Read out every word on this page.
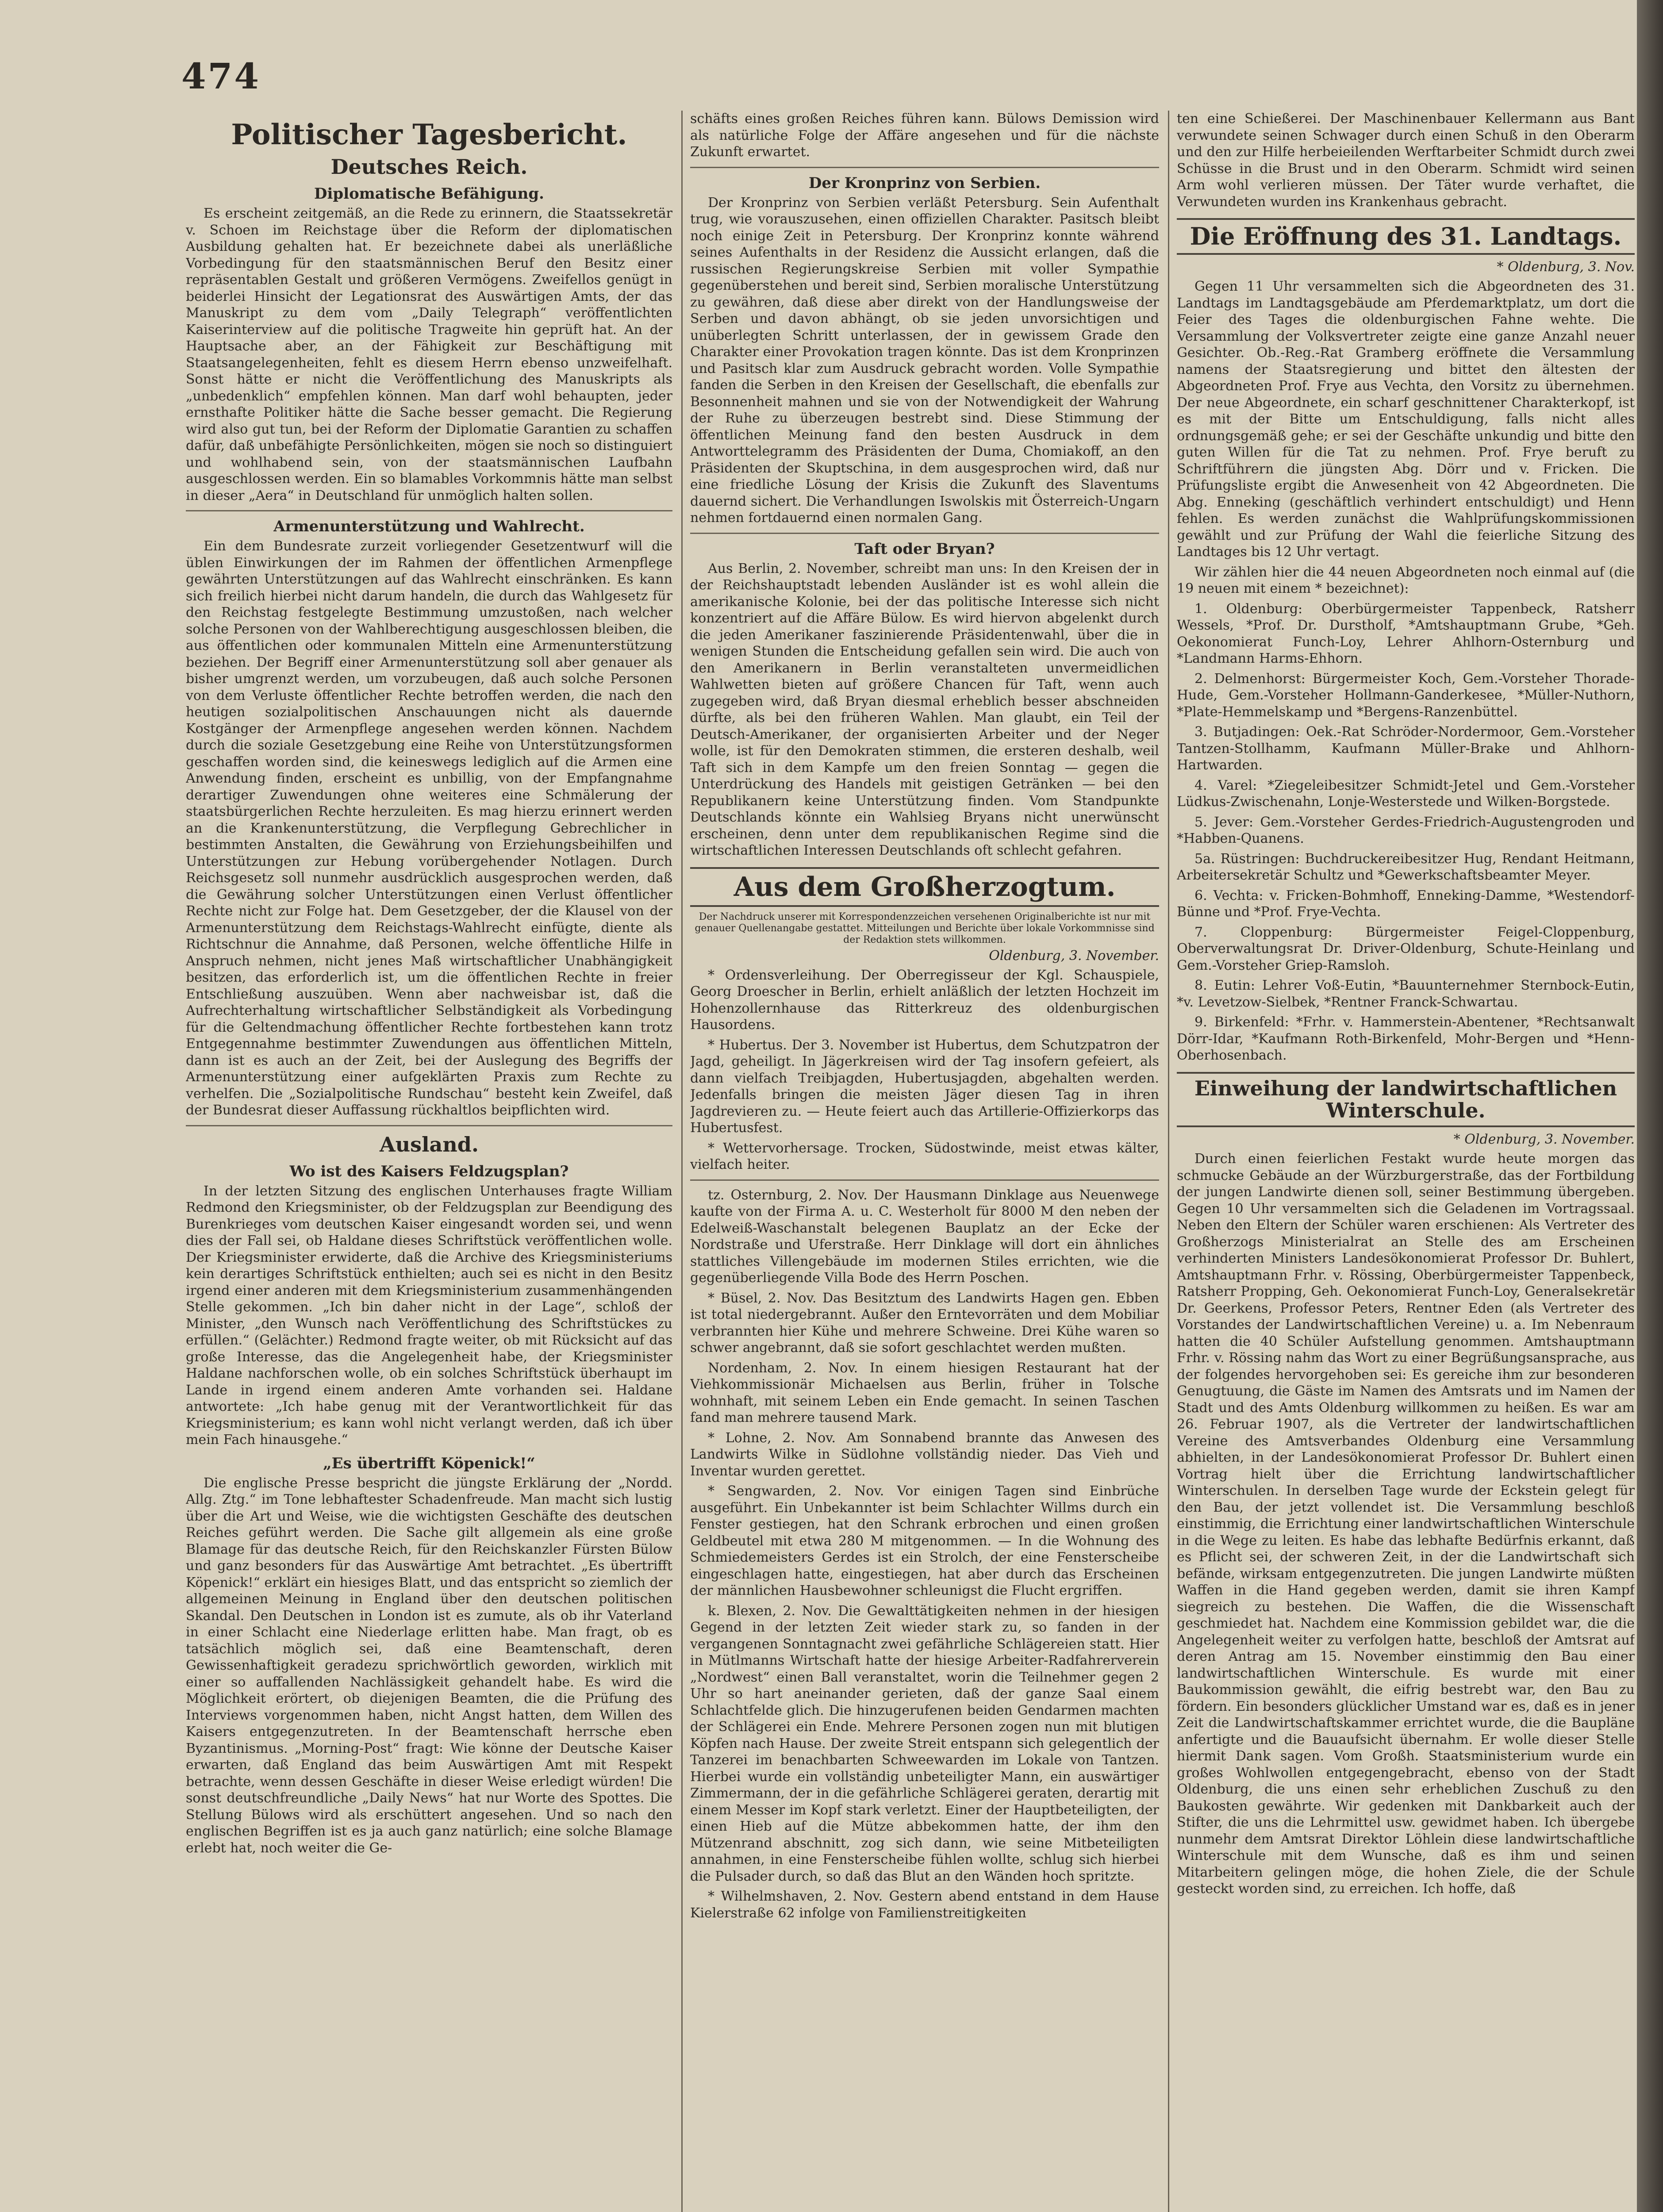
474
Politischer Tagesbericht.
Deutsches Reich.
Diplomatische Befähigung.

Es erscheint zeitgemäß, an die Rede zu erinnern, die Staatssekretär v. Schoen im Reichstage über die Reform der diplomatischen Ausbildung gehalten hat. Er bezeichnete dabei als unerläßliche Vorbedingung für den staatsmännischen Beruf den Besitz einer repräsentablen Gestalt und größeren Vermögens. Zweifellos genügt in beiderlei Hinsicht der Legationsrat des Auswärtigen Amts, der das Manuskript zu dem vom „Daily Telegraph“ veröffentlichten Kaiserinterview auf die politische Tragweite hin geprüft hat. An der Hauptsache aber, an der Fähigkeit zur Beschäftigung mit Staatsangelegenheiten, fehlt es diesem Herrn ebenso unzweifelhaft. Sonst hätte er nicht die Veröffentlichung des Manuskripts als „unbedenklich“ empfehlen können. Man darf wohl behaupten, jeder ernsthafte Politiker hätte die Sache besser gemacht. Die Regierung wird also gut tun, bei der Reform der Diplomatie Garantien zu schaffen dafür, daß unbefähigte Persönlichkeiten, mögen sie noch so distinguiert und wohlhabend sein, von der staatsmännischen Laufbahn ausgeschlossen werden. Ein so blamables Vorkommnis hätte man selbst in dieser „Aera“ in Deutschland für unmöglich halten sollen.

Armenunterstützung und Wahlrecht.

Ein dem Bundesrate zurzeit vorliegender Gesetzentwurf will die üblen Einwirkungen der im Rahmen der öffentlichen Armenpflege gewährten Unterstützungen auf das Wahlrecht einschränken. Es kann sich freilich hierbei nicht darum handeln, die durch das Wahlgesetz für den Reichstag festgelegte Bestimmung umzustoßen, nach welcher solche Personen von der Wahlberechtigung ausgeschlossen bleiben, die aus öffentlichen oder kommunalen Mitteln eine Armenunterstützung beziehen. Der Begriff einer Armenunterstützung soll aber genauer als bisher umgrenzt werden, um vorzubeugen, daß auch solche Personen von dem Verluste öffentlicher Rechte betroffen werden, die nach den heutigen sozialpolitischen Anschauungen nicht als dauernde Kostgänger der Armenpflege angesehen werden können. Nachdem durch die soziale Gesetzgebung eine Reihe von Unterstützungsformen geschaffen worden sind, die keineswegs lediglich auf die Armen eine Anwendung finden, erscheint es unbillig, von der Empfangnahme derartiger Zuwendungen ohne weiteres eine Schmälerung der staatsbürgerlichen Rechte herzuleiten. Es mag hierzu erinnert werden an die Krankenunterstützung, die Verpflegung Gebrechlicher in bestimmten Anstalten, die Gewährung von Erziehungsbeihilfen und Unterstützungen zur Hebung vorübergehender Notlagen. Durch Reichsgesetz soll nunmehr ausdrücklich ausgesprochen werden, daß die Gewährung solcher Unterstützungen einen Verlust öffentlicher Rechte nicht zur Folge hat. Dem Gesetzgeber, der die Klausel von der Armenunterstützung dem Reichstags-Wahlrecht einfügte, diente als Richtschnur die Annahme, daß Personen, welche öffentliche Hilfe in Anspruch nehmen, nicht jenes Maß wirtschaftlicher Unabhängigkeit besitzen, das erforderlich ist, um die öffentlichen Rechte in freier Entschließung auszuüben. Wenn aber nachweisbar ist, daß die Aufrechterhaltung wirtschaftlicher Selbständigkeit als Vorbedingung für die Geltendmachung öffentlicher Rechte fortbestehen kann trotz Entgegennahme bestimmter Zuwendungen aus öffentlichen Mitteln, dann ist es auch an der Zeit, bei der Auslegung des Begriffs der Armenunterstützung einer aufgeklärten Praxis zum Rechte zu verhelfen. Die „Sozialpolitische Rundschau“ besteht kein Zweifel, daß der Bundesrat dieser Auffassung rückhaltlos beipflichten wird.

Ausland.
Wo ist des Kaisers Feldzugsplan?

In der letzten Sitzung des englischen Unterhauses fragte William Redmond den Kriegsminister, ob der Feldzugsplan zur Beendigung des Burenkrieges vom deutschen Kaiser eingesandt worden sei, und wenn dies der Fall sei, ob Haldane dieses Schriftstück veröffentlichen wolle. Der Kriegsminister erwiderte, daß die Archive des Kriegsministeriums kein derartiges Schriftstück enthielten; auch sei es nicht in den Besitz irgend einer anderen mit dem Kriegsministerium zusammenhängenden Stelle gekommen. „Ich bin daher nicht in der Lage“, schloß der Minister, „den Wunsch nach Veröffentlichung des Schriftstückes zu erfüllen.“ (Gelächter.) Redmond fragte weiter, ob mit Rücksicht auf das große Interesse, das die Angelegenheit habe, der Kriegsminister Haldane nachforschen wolle, ob ein solches Schriftstück überhaupt im Lande in irgend einem anderen Amte vorhanden sei. Haldane antwortete: „Ich habe genug mit der Verantwortlichkeit für das Kriegsministerium; es kann wohl nicht verlangt werden, daß ich über mein Fach hinausgehe.“

„Es übertrifft Köpenick!“

Die englische Presse bespricht die jüngste Erklärung der „Nordd. Allg. Ztg.“ im Tone lebhaftester Schadenfreude. Man macht sich lustig über die Art und Weise, wie die wichtigsten Geschäfte des deutschen Reiches geführt werden. Die Sache gilt allgemein als eine große Blamage für das deutsche Reich, für den Reichskanzler Fürsten Bülow und ganz besonders für das Auswärtige Amt betrachtet. „Es übertrifft Köpenick!“ erklärt ein hiesiges Blatt, und das entspricht so ziemlich der allgemeinen Meinung in England über den deutschen politischen Skandal. Den Deutschen in London ist es zumute, als ob ihr Vaterland in einer Schlacht eine Niederlage erlitten habe. Man fragt, ob es tatsächlich möglich sei, daß eine Beamtenschaft, deren Gewissenhaftigkeit geradezu sprichwörtlich geworden, wirklich mit einer so auffallenden Nachlässigkeit gehandelt habe. Es wird die Möglichkeit erörtert, ob diejenigen Beamten, die die Prüfung des Interviews vorgenommen haben, nicht Angst hatten, dem Willen des Kaisers entgegenzutreten. In der Beamtenschaft herrsche eben Byzantinismus. „Morning-Post“ fragt: Wie könne der Deutsche Kaiser erwarten, daß England das beim Auswärtigen Amt mit Respekt betrachte, wenn dessen Geschäfte in dieser Weise erledigt würden! Die sonst deutschfreundliche „Daily News“ hat nur Worte des Spottes. Die Stellung Bülows wird als erschüttert angesehen. Und so nach den englischen Begriffen ist es ja auch ganz natürlich; eine solche Blamage erlebt hat, noch weiter die Ge-

schäfts eines großen Reiches führen kann. Bülows Demission wird als natürliche Folge der Affäre angesehen und für die nächste Zukunft erwartet.

Der Kronprinz von Serbien.

Der Kronprinz von Serbien verläßt Petersburg. Sein Aufenthalt trug, wie vorauszusehen, einen offiziellen Charakter. Pasitsch bleibt noch einige Zeit in Petersburg. Der Kronprinz konnte während seines Aufenthalts in der Residenz die Aussicht erlangen, daß die russischen Regierungskreise Serbien mit voller Sympathie gegenüberstehen und bereit sind, Serbien moralische Unterstützung zu gewähren, daß diese aber direkt von der Handlungsweise der Serben und davon abhängt, ob sie jeden unvorsichtigen und unüberlegten Schritt unterlassen, der in gewissem Grade den Charakter einer Provokation tragen könnte. Das ist dem Kronprinzen und Pasitsch klar zum Ausdruck gebracht worden. Volle Sympathie fanden die Serben in den Kreisen der Gesellschaft, die ebenfalls zur Besonnenheit mahnen und sie von der Notwendigkeit der Wahrung der Ruhe zu überzeugen bestrebt sind. Diese Stimmung der öffentlichen Meinung fand den besten Ausdruck in dem Antworttelegramm des Präsidenten der Duma, Chomiakoff, an den Präsidenten der Skuptschina, in dem ausgesprochen wird, daß nur eine friedliche Lösung der Krisis die Zukunft des Slaventums dauernd sichert. Die Verhandlungen Iswolskis mit Österreich-Ungarn nehmen fortdauernd einen normalen Gang.

Taft oder Bryan?

Aus Berlin, 2. November, schreibt man uns: In den Kreisen der in der Reichshauptstadt lebenden Ausländer ist es wohl allein die amerikanische Kolonie, bei der das politische Interesse sich nicht konzentriert auf die Affäre Bülow. Es wird hiervon abgelenkt durch die jeden Amerikaner faszinierende Präsidentenwahl, über die in wenigen Stunden die Entscheidung gefallen sein wird. Die auch von den Amerikanern in Berlin veranstalteten unvermeidlichen Wahlwetten bieten auf größere Chancen für Taft, wenn auch zugegeben wird, daß Bryan diesmal erheblich besser abschneiden dürfte, als bei den früheren Wahlen. Man glaubt, ein Teil der Deutsch-Amerikaner, der organisierten Arbeiter und der Neger wolle, ist für den Demokraten stimmen, die ersteren deshalb, weil Taft sich in dem Kampfe um den freien Sonntag — gegen die Unterdrückung des Handels mit geistigen Getränken — bei den Republikanern keine Unterstützung finden. Vom Standpunkte Deutschlands könnte ein Wahlsieg Bryans nicht unerwünscht erscheinen, denn unter dem republikanischen Regime sind die wirtschaftlichen Interessen Deutschlands oft schlecht gefahren.

Aus dem Großherzogtum.
Der Nachdruck unserer mit Korrespondenzzeichen versehenen Originalberichte ist nur mit genauer Quellenangabe gestattet. Mitteilungen und Berichte über lokale Vorkommnisse sind der Redaktion stets willkommen.
Oldenburg, 3. November.

* Ordensverleihung. Der Oberregisseur der Kgl. Schauspiele, Georg Droescher in Berlin, erhielt anläßlich der letzten Hochzeit im Hohenzollernhause das Ritterkreuz des oldenburgischen Hausordens.

* Hubertus. Der 3. November ist Hubertus, dem Schutzpatron der Jagd, geheiligt. In Jägerkreisen wird der Tag insofern gefeiert, als dann vielfach Treibjagden, Hubertusjagden, abgehalten werden. Jedenfalls bringen die meisten Jäger diesen Tag in ihren Jagdrevieren zu. — Heute feiert auch das Artillerie-Offizierkorps das Hubertusfest.

* Wettervorhersage. Trocken, Südostwinde, meist etwas kälter, vielfach heiter.

tz. Osternburg, 2. Nov. Der Hausmann Dinklage aus Neuenwege kaufte von der Firma A. u. C. Westerholt für 8000 M den neben der Edelweiß-Waschanstalt belegenen Bauplatz an der Ecke der Nordstraße und Uferstraße. Herr Dinklage will dort ein ähnliches stattliches Villengebäude im modernen Stiles errichten, wie die gegenüberliegende Villa Bode des Herrn Poschen.

* Büsel, 2. Nov. Das Besitztum des Landwirts Hagen gen. Ebben ist total niedergebrannt. Außer den Erntevorräten und dem Mobiliar verbrannten hier Kühe und mehrere Schweine. Drei Kühe waren so schwer angebrannt, daß sie sofort geschlachtet werden mußten.

Nordenham, 2. Nov. In einem hiesigen Restaurant hat der Viehkommissionär Michaelsen aus Berlin, früher in Tolsche wohnhaft, mit seinem Leben ein Ende gemacht. In seinen Taschen fand man mehrere tausend Mark.

* Lohne, 2. Nov. Am Sonnabend brannte das Anwesen des Landwirts Wilke in Südlohne vollständig nieder. Das Vieh und Inventar wurden gerettet.

* Sengwarden, 2. Nov. Vor einigen Tagen sind Einbrüche ausgeführt. Ein Unbekannter ist beim Schlachter Willms durch ein Fenster gestiegen, hat den Schrank erbrochen und einen großen Geldbeutel mit etwa 280 M mitgenommen. — In die Wohnung des Schmiedemeisters Gerdes ist ein Strolch, der eine Fensterscheibe eingeschlagen hatte, eingestiegen, hat aber durch das Erscheinen der männlichen Hausbewohner schleunigst die Flucht ergriffen.

k. Blexen, 2. Nov. Die Gewalttätigkeiten nehmen in der hiesigen Gegend in der letzten Zeit wieder stark zu, so fanden in der vergangenen Sonntagnacht zwei gefährliche Schlägereien statt. Hier in Mütlmanns Wirtschaft hatte der hiesige Arbeiter-Radfahrerverein „Nordwest“ einen Ball veranstaltet, worin die Teilnehmer gegen 2 Uhr so hart aneinander gerieten, daß der ganze Saal einem Schlachtfelde glich. Die hinzugerufenen beiden Gendarmen machten der Schlägerei ein Ende. Mehrere Personen zogen nun mit blutigen Köpfen nach Hause. Der zweite Streit entspann sich gelegentlich der Tanzerei im benachbarten Schweewarden im Lokale von Tantzen. Hierbei wurde ein vollständig unbeteiligter Mann, ein auswärtiger Zimmermann, der in die gefährliche Schlägerei geraten, derartig mit einem Messer im Kopf stark verletzt. Einer der Hauptbeteiligten, der einen Hieb auf die Mütze abbekommen hatte, der ihm den Mützenrand abschnitt, zog sich dann, wie seine Mitbeteiligten annahmen, in eine Fensterscheibe fühlen wollte, schlug sich hierbei die Pulsader durch, so daß das Blut an den Wänden hoch spritzte.

* Wilhelmshaven, 2. Nov. Gestern abend entstand in dem Hause Kielerstraße 62 infolge von Familienstreitigkeiten

ten eine Schießerei. Der Maschinenbauer Kellermann aus Bant verwundete seinen Schwager durch einen Schuß in den Oberarm und den zur Hilfe herbeieilenden Werftarbeiter Schmidt durch zwei Schüsse in die Brust und in den Oberarm. Schmidt wird seinen Arm wohl verlieren müssen. Der Täter wurde verhaftet, die Verwundeten wurden ins Krankenhaus gebracht.

Die Eröffnung des 31. Landtags.
* Oldenburg, 3. Nov.

Gegen 11 Uhr versammelten sich die Abgeordneten des 31. Landtags im Landtagsgebäude am Pferdemarktplatz, um dort die Feier des Tages die oldenburgischen Fahne wehte. Die Versammlung der Volksvertreter zeigte eine ganze Anzahl neuer Gesichter. Ob.-Reg.-Rat Gramberg eröffnete die Versammlung namens der Staatsregierung und bittet den ältesten der Abgeordneten Prof. Frye aus Vechta, den Vorsitz zu übernehmen. Der neue Abgeordnete, ein scharf geschnittener Charakterkopf, ist es mit der Bitte um Entschuldigung, falls nicht alles ordnungsgemäß gehe; er sei der Geschäfte unkundig und bitte den guten Willen für die Tat zu nehmen. Prof. Frye beruft zu Schriftführern die jüngsten Abg. Dörr und v. Fricken. Die Prüfungsliste ergibt die Anwesenheit von 42 Abgeordneten. Die Abg. Enneking (geschäftlich verhindert entschuldigt) und Henn fehlen. Es werden zunächst die Wahlprüfungskommissionen gewählt und zur Prüfung der Wahl die feierliche Sitzung des Landtages bis 12 Uhr vertagt.

Wir zählen hier die 44 neuen Abgeordneten noch einmal auf (die 19 neuen mit einem * bezeichnet):

1. Oldenburg: Oberbürgermeister Tappenbeck, Ratsherr Wessels, *Prof. Dr. Durstholf, *Amtshauptmann Grube, *Geh. Oekonomierat Funch-Loy, Lehrer Ahlhorn-Osternburg und *Landmann Harms-Ehhorn.

2. Delmenhorst: Bürgermeister Koch, Gem.-Vorsteher Thorade-Hude, Gem.-Vorsteher Hollmann-Ganderkesee, *Müller-Nuthorn, *Plate-Hemmelskamp und *Bergens-Ranzenbüttel.

3. Butjadingen: Oek.-Rat Schröder-Nordermoor, Gem.-Vorsteher Tantzen-Stollhamm, Kaufmann Müller-Brake und Ahlhorn-Hartwarden.

4. Varel: *Ziegeleibesitzer Schmidt-Jetel und Gem.-Vorsteher Lüdkus-Zwischenahn, Lonje-Westerstede und Wilken-Borgstede.

5. Jever: Gem.-Vorsteher Gerdes-Friedrich-Augustengroden und *Habben-Quanens.

5a. Rüstringen: Buchdruckereibesitzer Hug, Rendant Heitmann, Arbeitersekretär Schultz und *Gewerkschaftsbeamter Meyer.

6. Vechta: v. Fricken-Bohmhoff, Enneking-Damme, *Westendorf-Bünne und *Prof. Frye-Vechta.

7. Cloppenburg: Bürgermeister Feigel-Cloppenburg, Oberverwaltungsrat Dr. Driver-Oldenburg, Schute-Heinlang und Gem.-Vorsteher Griep-Ramsloh.

8. Eutin: Lehrer Voß-Eutin, *Bauunternehmer Sternbock-Eutin, *v. Levetzow-Sielbek, *Rentner Franck-Schwartau.

9. Birkenfeld: *Frhr. v. Hammerstein-Abentener, *Rechtsanwalt Dörr-Idar, *Kaufmann Roth-Birkenfeld, Mohr-Bergen und *Henn-Oberhosenbach.

Einweihung der landwirtschaftlichen Winterschule.
* Oldenburg, 3. November.

Durch einen feierlichen Festakt wurde heute morgen das schmucke Gebäude an der Würzburgerstraße, das der Fortbildung der jungen Landwirte dienen soll, seiner Bestimmung übergeben. Gegen 10 Uhr versammelten sich die Geladenen im Vortragssaal. Neben den Eltern der Schüler waren erschienen: Als Vertreter des Großherzogs Ministerialrat an Stelle des am Erscheinen verhinderten Ministers Landesökonomierat Professor Dr. Buhlert, Amtshauptmann Frhr. v. Rössing, Oberbürgermeister Tappenbeck, Ratsherr Propping, Geh. Oekonomierat Funch-Loy, Generalsekretär Dr. Geerkens, Professor Peters, Rentner Eden (als Vertreter des Vorstandes der Landwirtschaftlichen Vereine) u. a. Im Nebenraum hatten die 40 Schüler Aufstellung genommen. Amtshauptmann Frhr. v. Rössing nahm das Wort zu einer Begrüßungsansprache, aus der folgendes hervorgehoben sei: Es gereiche ihm zur besonderen Genugtuung, die Gäste im Namen des Amtsrats und im Namen der Stadt und des Amts Oldenburg willkommen zu heißen. Es war am 26. Februar 1907, als die Vertreter der landwirtschaftlichen Vereine des Amtsverbandes Oldenburg eine Versammlung abhielten, in der Landesökonomierat Professor Dr. Buhlert einen Vortrag hielt über die Errichtung landwirtschaftlicher Winterschulen. In derselben Tage wurde der Eckstein gelegt für den Bau, der jetzt vollendet ist. Die Versammlung beschloß einstimmig, die Errichtung einer landwirtschaftlichen Winterschule in die Wege zu leiten. Es habe das lebhafte Bedürfnis erkannt, daß es Pflicht sei, der schweren Zeit, in der die Landwirtschaft sich befände, wirksam entgegenzutreten. Die jungen Landwirte müßten Waffen in die Hand gegeben werden, damit sie ihren Kampf siegreich zu bestehen. Die Waffen, die die Wissenschaft geschmiedet hat. Nachdem eine Kommission gebildet war, die die Angelegenheit weiter zu verfolgen hatte, beschloß der Amtsrat auf deren Antrag am 15. November einstimmig den Bau einer landwirtschaftlichen Winterschule. Es wurde mit einer Baukommission gewählt, die eifrig bestrebt war, den Bau zu fördern. Ein besonders glücklicher Umstand war es, daß es in jener Zeit die Landwirtschaftskammer errichtet wurde, die die Baupläne anfertigte und die Bauaufsicht übernahm. Er wolle dieser Stelle hiermit Dank sagen. Vom Großh. Staatsministerium wurde ein großes Wohlwollen entgegengebracht, ebenso von der Stadt Oldenburg, die uns einen sehr erheblichen Zuschuß zu den Baukosten gewährte. Wir gedenken mit Dankbarkeit auch der Stifter, die uns die Lehrmittel usw. gewidmet haben. Ich übergebe nunmehr dem Amtsrat Direktor Löhlein diese landwirtschaftliche Winterschule mit dem Wunsche, daß es ihm und seinen Mitarbeitern gelingen möge, die hohen Ziele, die der Schule gesteckt worden sind, zu erreichen. Ich hoffe, daß
